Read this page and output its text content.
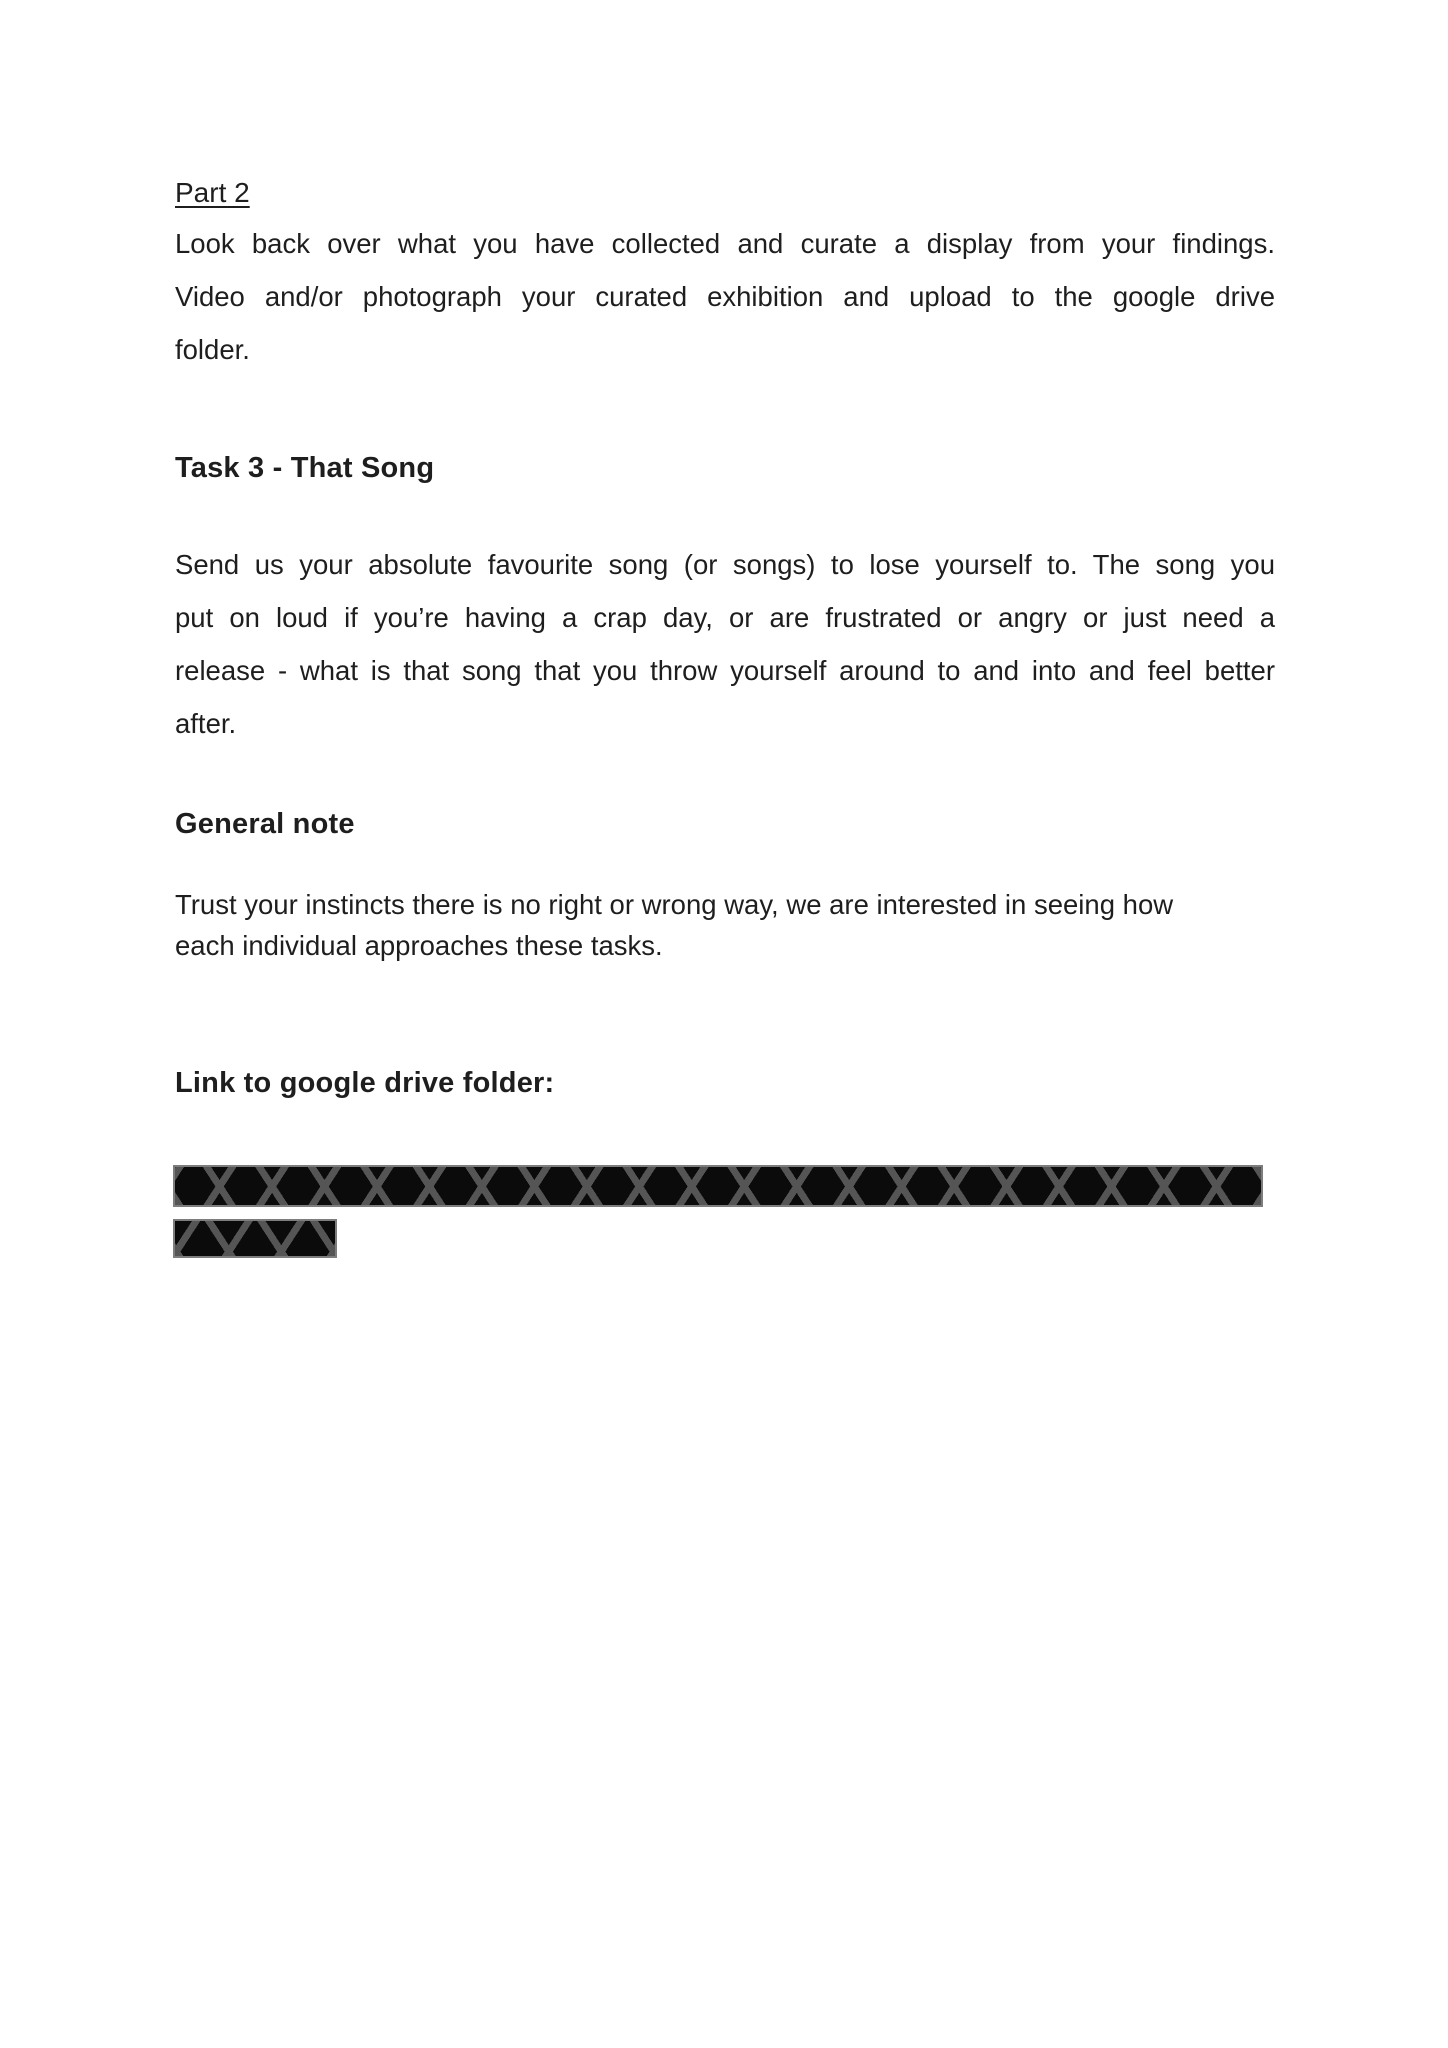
Part 2
Look back over what you have collected and curate a display from your findings.
Video and/or photograph your curated exhibition and upload to the google drive
folder.
Task 3 - That Song
Send us your absolute favourite song (or songs) to lose yourself to. The song you
put on loud if you’re having a crap day, or are frustrated or angry or just need a
release - what is that song that you throw yourself around to and into and feel better
after.
General note
Trust your instincts there is no right or wrong way, we are interested in seeing how
each individual approaches these tasks.
Link to google drive folder:
